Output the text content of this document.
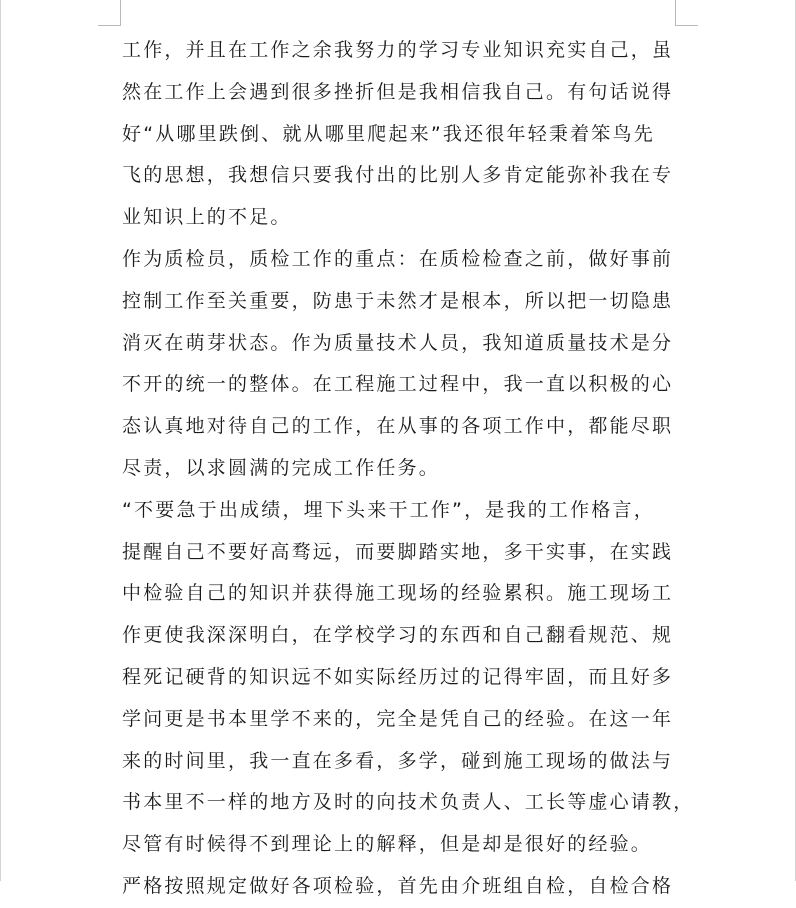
工作，并且在工作之余我努力的学习专业知识充实自己，虽
然在工作上会遇到很多挫折但是我相信我自己。有句话说得
好“从哪里跌倒、就从哪里爬起来”我还很年轻秉着笨鸟先
飞的思想，我想信只要我付出的比别人多肯定能弥补我在专
业知识上的不足。

作为质检员，质检工作的重点：在质检检查之前，做好事前
控制工作至关重要，防患于未然才是根本，所以把一切隐患
消灭在萌芽状态。作为质量技术人员，我知道质量技术是分
不开的统一的整体。在工程施工过程中，我一直以积极的心
态认真地对待自己的工作，在从事的各项工作中，都能尽职
尽责，以求圆满的完成工作任务。

“不要急于出成绩，埋下头来干工作”，是我的工作格言，
提醒自己不要好高骛远，而要脚踏实地，多干实事，在实践
中检验自己的知识并获得施工现场的经验累积。施工现场工
作更使我深深明白，在学校学习的东西和自己翻看规范、规
程死记硬背的知识远不如实际经历过的记得牢固，而且好多
学问更是书本里学不来的，完全是凭自己的经验。在这一年
来的时间里，我一直在多看，多学，碰到施工现场的做法与
书本里不一样的地方及时的向技术负责人、工长等虚心请教，
尽管有时候得不到理论上的解释，但是却是很好的经验。

严格按照规定做好各项检验，首先由介班组自检，自检合格
